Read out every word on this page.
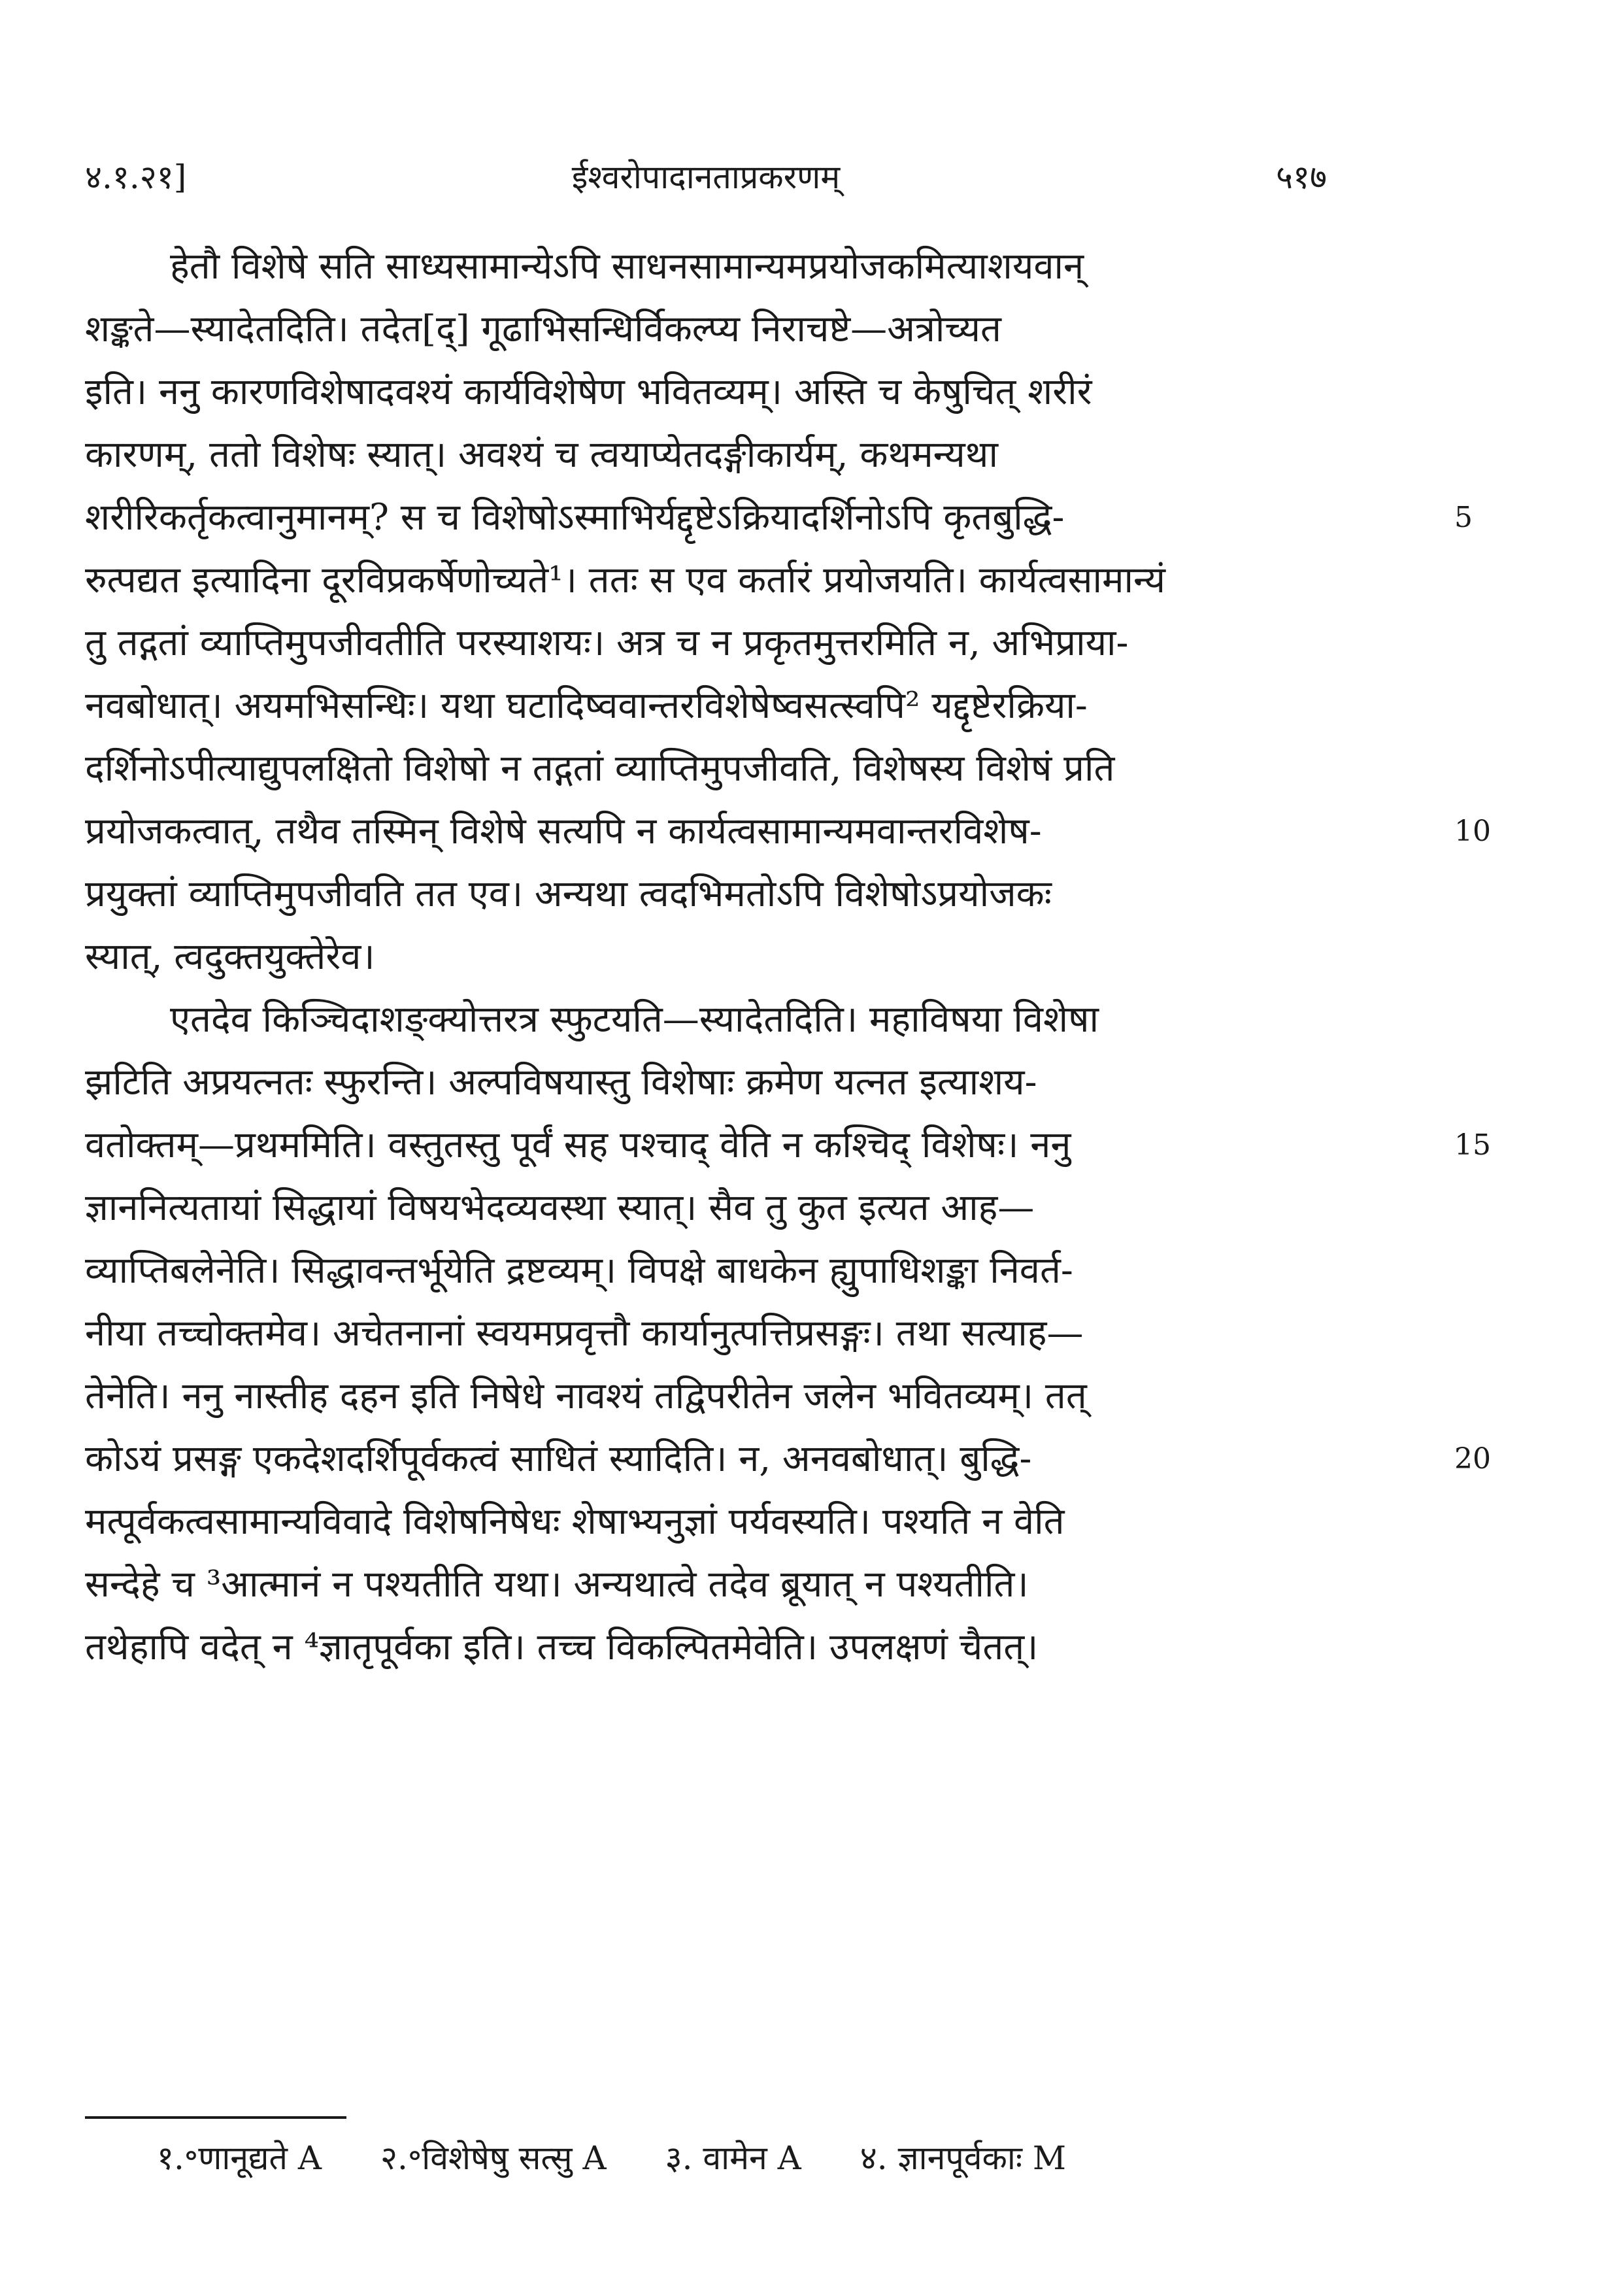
४.१.२१]	ईश्वरोपादानताप्रकरणम्	५१७
हेतौ विशेषे सति साध्यसामान्येऽपि साधनसामान्यमप्रयोजकमित्याशयवान्
शङ्कते—स्यादेतदिति। तदेत[द्] गूढाभिसन्धिर्विकल्प्य निराचष्टे—अत्रोच्यत
इति। ननु कारणविशेषादवश्यं कार्यविशेषेण भवितव्यम्। अस्ति च केषुचित् शरीरं
कारणम्, ततो विशेषः स्यात्। अवश्यं च त्वयाप्येतदङ्गीकार्यम्, कथमन्यथा
शरीरिकर्तृकत्वानुमानम्? स च विशेषोऽस्माभिर्यद्दृष्टेऽक्रियादर्शिनोऽपि कृतबुद्धि-	5
रुत्पद्यत इत्यादिना दूरविप्रकर्षेणोच्यते¹। ततः स एव कर्तारं प्रयोजयति। कार्यत्वसामान्यं
तु तद्गतां व्याप्तिमुपजीवतीति परस्याशयः। अत्र च न प्रकृतमुत्तरमिति न, अभिप्राया-
नवबोधात्। अयमभिसन्धिः। यथा घटादिष्ववान्तरविशेषेष्वसत्स्वपि² यद्दृष्टेरक्रिया-
दर्शिनोऽपीत्याद्युपलक्षितो विशेषो न तद्गतां व्याप्तिमुपजीवति, विशेषस्य विशेषं प्रति
प्रयोजकत्वात्, तथैव तस्मिन् विशेषे सत्यपि न कार्यत्वसामान्यमवान्तरविशेष-	10
प्रयुक्तां व्याप्तिमुपजीवति तत एव। अन्यथा त्वदभिमतोऽपि विशेषोऽप्रयोजकः
स्यात्, त्वदुक्तयुक्तेरेव।
एतदेव किञ्चिदाशङ्क्योत्तरत्र स्फुटयति—स्यादेतदिति। महाविषया विशेषा
झटिति अप्रयत्नतः स्फुरन्ति। अल्पविषयास्तु विशेषाः क्रमेण यत्नत इत्याशय-
वतोक्तम्—प्रथममिति। वस्तुतस्तु पूर्वं सह पश्चाद् वेति न कश्चिद् विशेषः। ननु	15
ज्ञाननित्यतायां सिद्धायां विषयभेदव्यवस्था स्यात्। सैव तु कुत इत्यत आह—
व्याप्तिबलेनेति। सिद्धावन्तर्भूयेति द्रष्टव्यम्। विपक्षे बाधकेन ह्युपाधिशङ्का निवर्त-
नीया तच्चोक्तमेव। अचेतनानां स्वयमप्रवृत्तौ कार्यानुत्पत्तिप्रसङ्गः। तथा सत्याह—
तेनेति। ननु नास्तीह दहन इति निषेधे नावश्यं तद्विपरीतेन जलेन भवितव्यम्। तत्
कोऽयं प्रसङ्ग एकदेशदर्शिपूर्वकत्वं साधितं स्यादिति। न, अनवबोधात्। बुद्धि-	20
मत्पूर्वकत्वसामान्यविवादे विशेषनिषेधः शेषाभ्यनुज्ञां पर्यवस्यति। पश्यति न वेति
सन्देहे च ³आत्मानं न पश्यतीति यथा। अन्यथात्वे तदेव ब्रूयात् न पश्यतीति।
तथेहापि वदेत् न ⁴ज्ञातृपूर्वका इति। तच्च विकल्पितमेवेति। उपलक्षणं चैतत्।
१.॰णानूद्यते A २.॰विशेषेषु सत्सु A ३. वामेन A ४. ज्ञानपूर्वकाः M
